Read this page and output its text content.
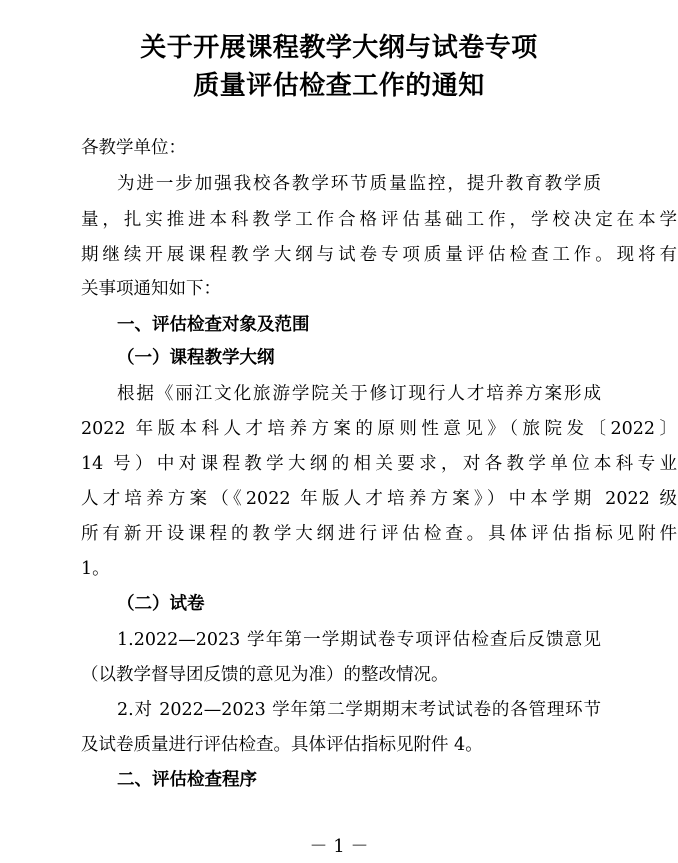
关于开展课程教学大纲与试卷专项
质量评估检查工作的通知
各教学单位：
为进一步加强我校各教学环节质量监控，提升教育教学质
量，扎实推进本科教学工作合格评估基础工作，学校决定在本学
期继续开展课程教学大纲与试卷专项质量评估检查工作。现将有
关事项通知如下：
一、评估检查对象及范围
（一）课程教学大纲
根据《丽江文化旅游学院关于修订现行人才培养方案形成
2022 年版本科人才培养方案的原则性意见》（旅院发〔2022〕
14 号）中对课程教学大纲的相关要求，对各教学单位本科专业
人才培养方案（《2022 年版人才培养方案》）中本学期 2022 级
所有新开设课程的教学大纲进行评估检查。具体评估指标见附件
1。
（二）试卷
1.2022—2023 学年第一学期试卷专项评估检查后反馈意见
（以教学督导团反馈的意见为准）的整改情况。
2.对 2022—2023 学年第二学期期末考试试卷的各管理环节
及试卷质量进行评估检查。具体评估指标见附件 4。
二、评估检查程序
－ 1 －
